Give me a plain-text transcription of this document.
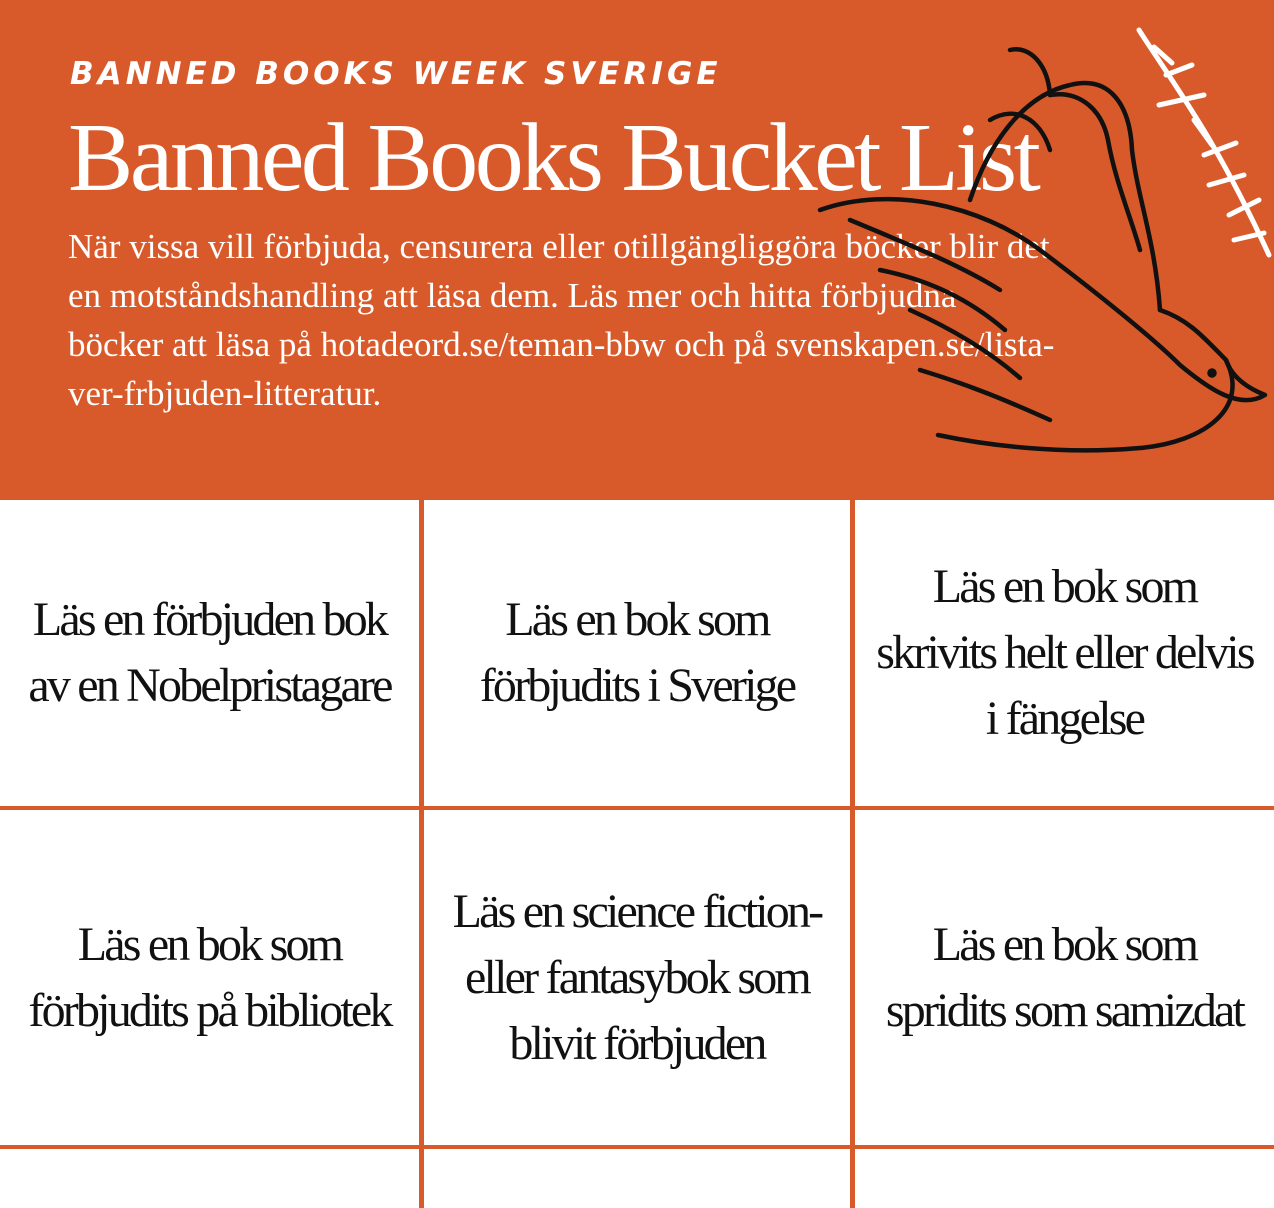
BANNED BOOKS WEEK SVERIGE
Banned Books Bucket List

När vissa vill förbjuda, censurera eller otillgängliggöra böcker blir det en motståndshandling att läsa dem. Läs mer och hitta förbjudna böcker att läsa på hotadeord.se/teman-bbw och på svenskapen.se/lista-ver-frbjuden-litteratur.

Läs en förbjuden bok av en Nobelpristagare

Läs en bok som förbjudits i Sverige

Läs en bok som skrivits helt eller delvis i fängelse

Läs en bok som förbjudits på bibliotek

Läs en science fiction- eller fantasybok som blivit förbjuden

Läs en bok som spridits som samizdat
